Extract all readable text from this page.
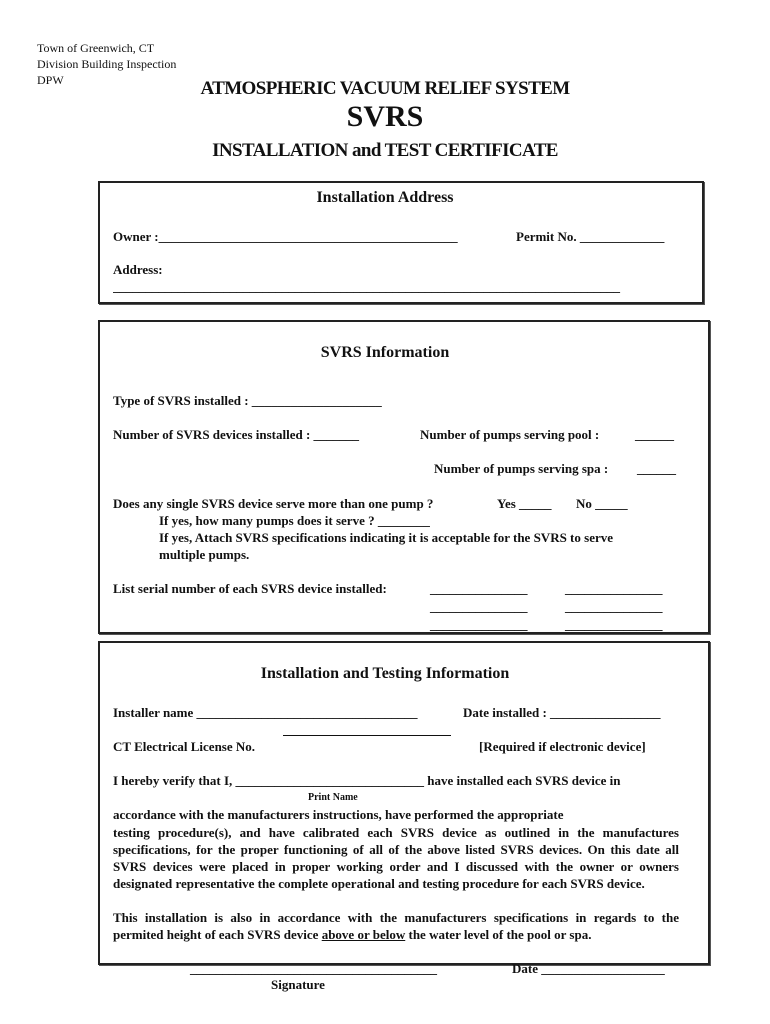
Town of Greenwich, CT
Division Building Inspection
DPW	ATMOSPHERIC VACUUM RELIEF SYSTEM
SVRS
INSTALLATION and TEST CERTIFICATE
Installation Address
Owner :______________________________________________	Permit No. _____________
Address:
______________________________________________________________________________
SVRS Information
Type of SVRS installed : ____________________
Number of SVRS devices installed : _______	Number of pumps serving pool :	______
Number of pumps serving spa : ______
Does any single SVRS device serve more than one pump ?	Yes _____ No _____
If yes, how many pumps does it serve ? ________
If yes, Attach SVRS specifications indicating it is acceptable for the SVRS to serve
multiple pumps.
List serial number of each SVRS device installed:	_______________	_______________
_______________	_______________
_______________	_______________
Installation and Testing Information
Installer name __________________________________	Date installed : _________________
CT Electrical License No.	[Required if electronic device]
I hereby verify that I, _____________________________ have installed each SVRS device in
Print Name
accordance with the manufacturers instructions, have performed the appropriate
testing procedure(s), and have calibrated each SVRS device as outlined in the manufactures specifications, for the proper functioning of all of the above listed SVRS devices. On this date all SVRS devices were placed in proper working order and I discussed with the owner or owners designated representative the complete operational and testing procedure for each SVRS device.
This installation is also in accordance with the manufacturers specifications in regards to the permited height of each SVRS device above or below the water level of the pool or spa.
______________________________________
Signature
Date ___________________
